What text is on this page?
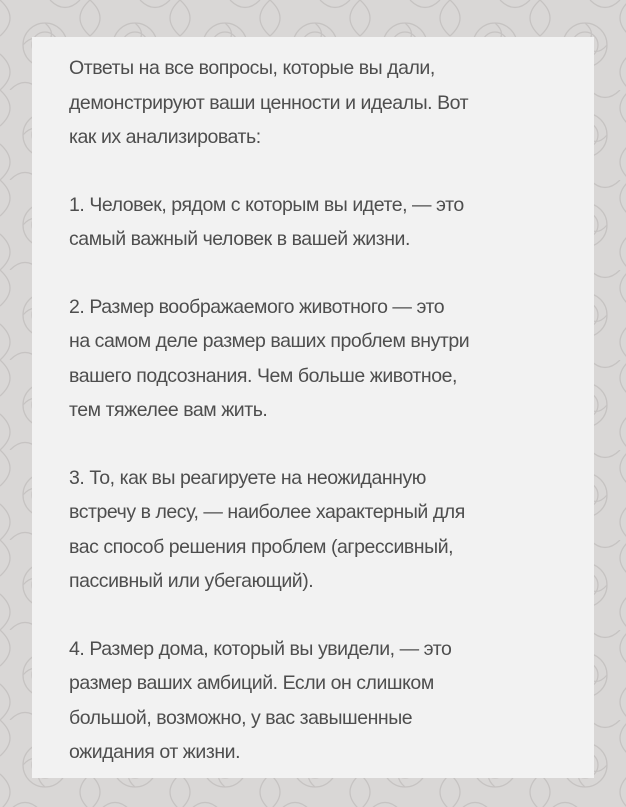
Ответы на все вопросы, которые вы дали,
демонстрируют ваши ценности и идеалы. Вот
как их анализировать:

1. Человек, рядом с которым вы идете, — это
самый важный человек в вашей жизни.

2. Размер воображаемого животного — это
на самом деле размер ваших проблем внутри
вашего подсознания. Чем больше животное,
тем тяжелее вам жить.

3. То, как вы реагируете на неожиданную
встречу в лесу, — наиболее характерный для
вас способ решения проблем (агрессивный,
пассивный или убегающий).

4. Размер дома, который вы увидели, — это
размер ваших амбиций. Если он слишком
большой, возможно, у вас завышенные
ожидания от жизни.
